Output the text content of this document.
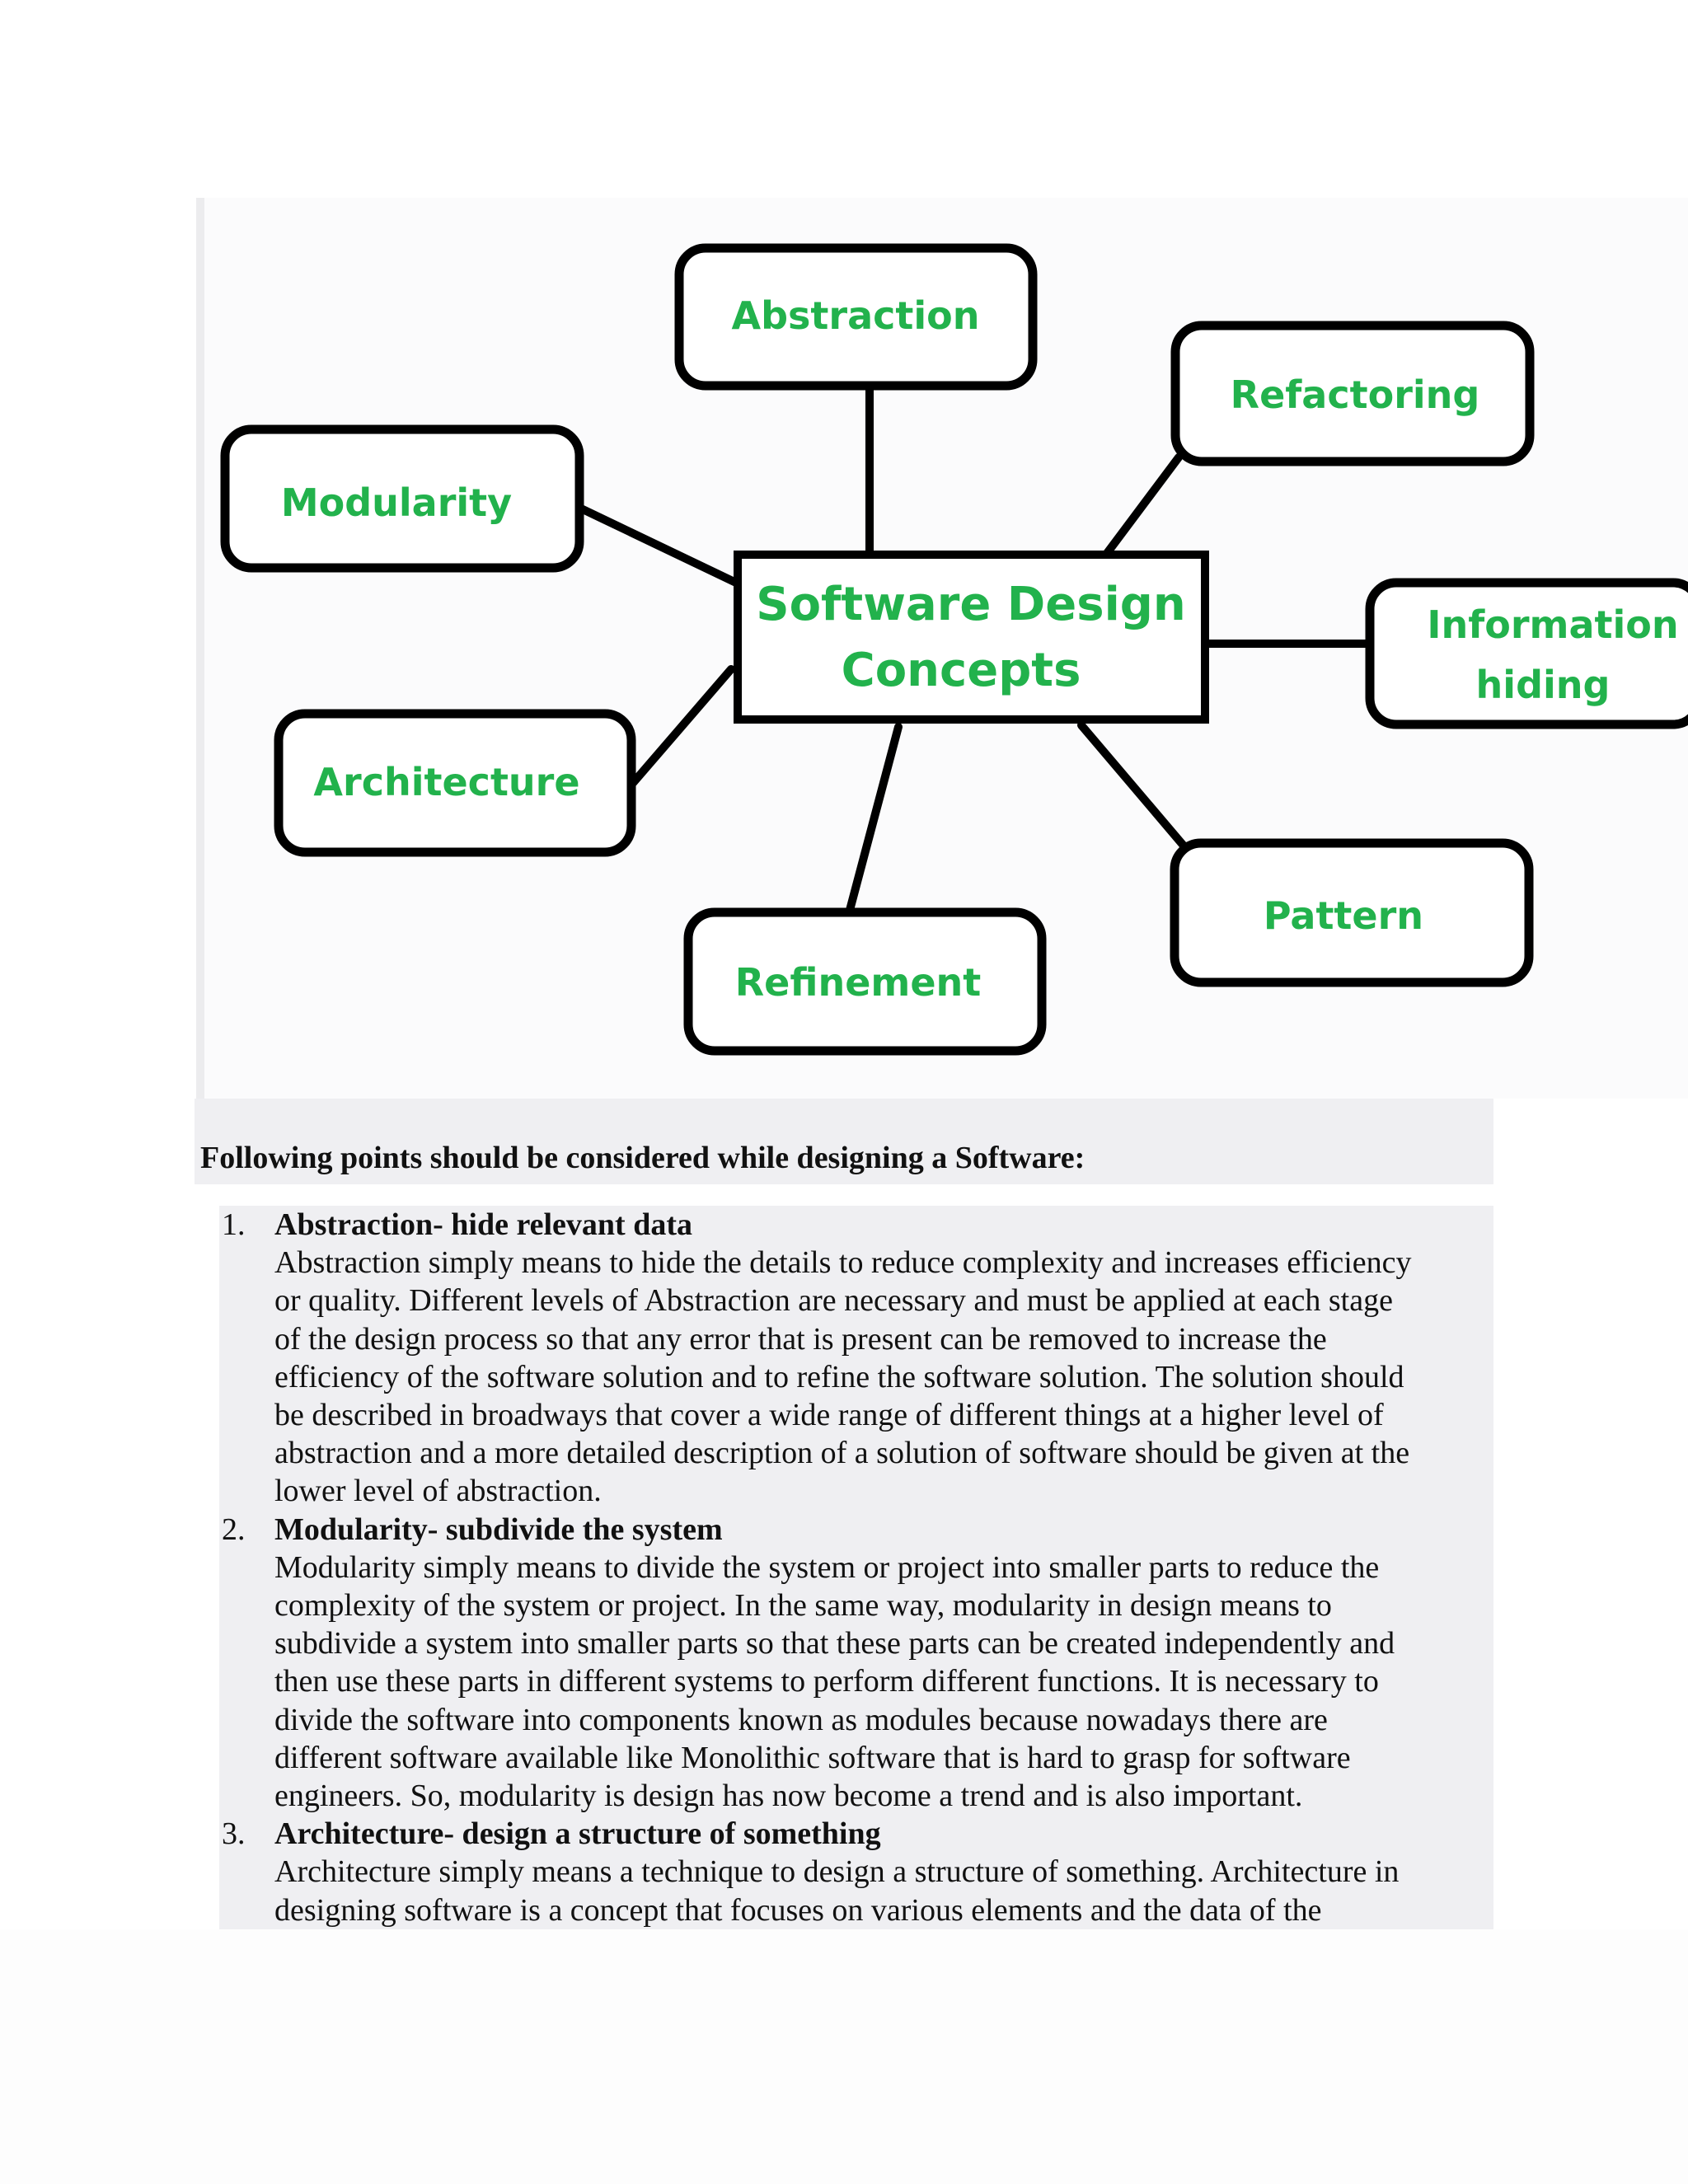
Software Design
Concepts
Abstraction
Refactoring
Modularity
Information
hiding
Architecture
Pattern
Refinement
Following points should be considered while designing a Software:
1. Abstraction- hide relevant data
Abstraction simply means to hide the details to reduce complexity and increases efficiency
or quality. Different levels of Abstraction are necessary and must be applied at each stage
of the design process so that any error that is present can be removed to increase the
efficiency of the software solution and to refine the software solution. The solution should
be described in broadways that cover a wide range of different things at a higher level of
abstraction and a more detailed description of a solution of software should be given at the
lower level of abstraction.
2. Modularity- subdivide the system
Modularity simply means to divide the system or project into smaller parts to reduce the
complexity of the system or project. In the same way, modularity in design means to
subdivide a system into smaller parts so that these parts can be created independently and
then use these parts in different systems to perform different functions. It is necessary to
divide the software into components known as modules because nowadays there are
different software available like Monolithic software that is hard to grasp for software
engineers. So, modularity is design has now become a trend and is also important.
3. Architecture- design a structure of something
Architecture simply means a technique to design a structure of something. Architecture in
designing software is a concept that focuses on various elements and the data of the
